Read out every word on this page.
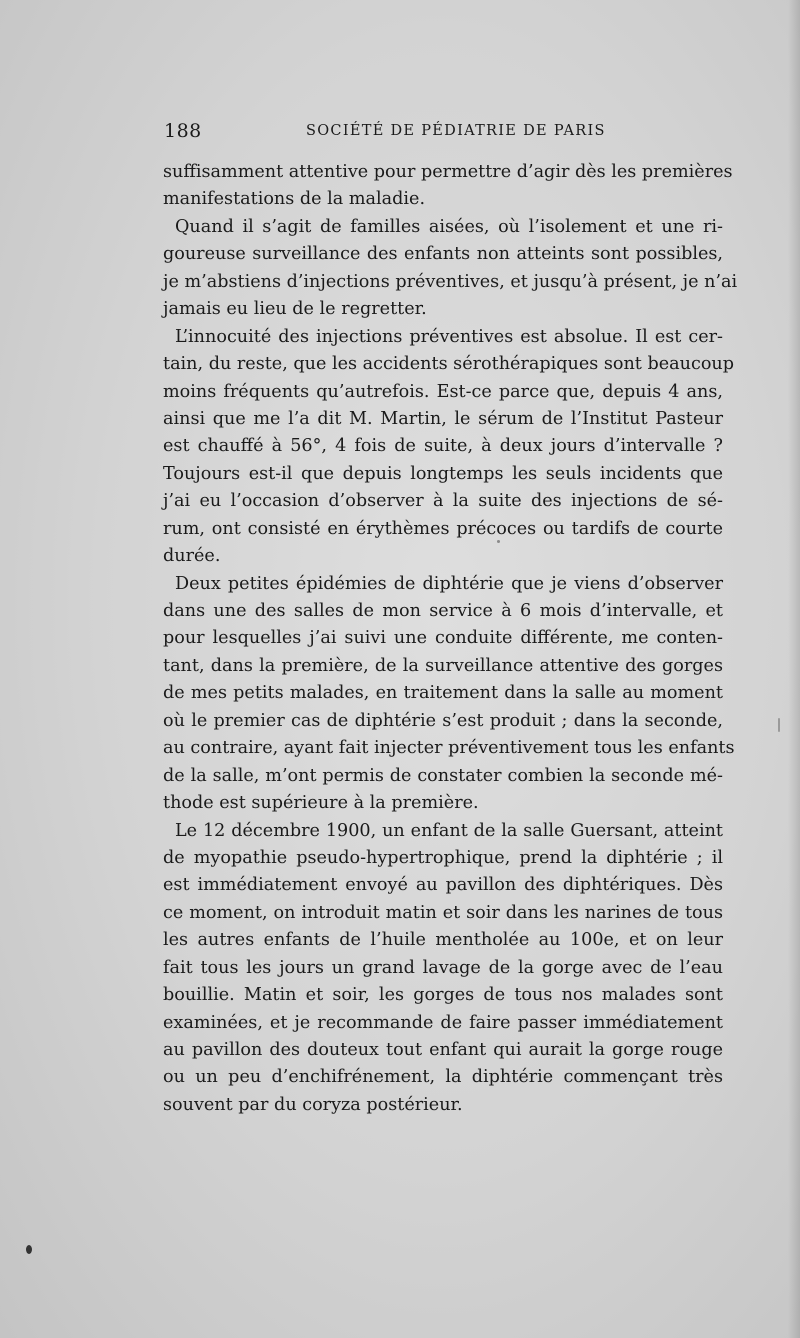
188	SOCIÉTÉ DE PÉDIATRIE DE PARIS
suffisamment attentive pour permettre d’agir dès les premières
manifestations de la maladie.
Quand il s’agit de familles aisées, où l’isolement et une ri-
goureuse surveillance des enfants non atteints sont possibles,
je m’abstiens d’injections préventives, et jusqu’à présent, je n’ai
jamais eu lieu de le regretter.
L’innocuité des injections préventives est absolue. Il est cer-
tain, du reste, que les accidents sérothérapiques sont beaucoup
moins fréquents qu’autrefois. Est-ce parce que, depuis 4 ans,
ainsi que me l’a dit M. Martin, le sérum de l’Institut Pasteur
est chauffé à 56°, 4 fois de suite, à deux jours d’intervalle ?
Toujours est-il que depuis longtemps les seuls incidents que
j’ai eu l’occasion d’observer à la suite des injections de sé-
rum, ont consisté en érythèmes précoces ou tardifs de courte
durée.
Deux petites épidémies de diphtérie que je viens d’observer
dans une des salles de mon service à 6 mois d’intervalle, et
pour lesquelles j’ai suivi une conduite différente, me conten-
tant, dans la première, de la surveillance attentive des gorges
de mes petits malades, en traitement dans la salle au moment
où le premier cas de diphtérie s’est produit ; dans la seconde,
au contraire, ayant fait injecter préventivement tous les enfants
de la salle, m’ont permis de constater combien la seconde mé-
thode est supérieure à la première.
Le 12 décembre 1900, un enfant de la salle Guersant, atteint
de myopathie pseudo-hypertrophique, prend la diphtérie ; il
est immédiatement envoyé au pavillon des diphtériques. Dès
ce moment, on introduit matin et soir dans les narines de tous
les autres enfants de l’huile mentholée au 100e, et on leur
fait tous les jours un grand lavage de la gorge avec de l’eau
bouillie. Matin et soir, les gorges de tous nos malades sont
examinées, et je recommande de faire passer immédiatement
au pavillon des douteux tout enfant qui aurait la gorge rouge
ou un peu d’enchifrénement, la diphtérie commençant très
souvent par du coryza postérieur.
